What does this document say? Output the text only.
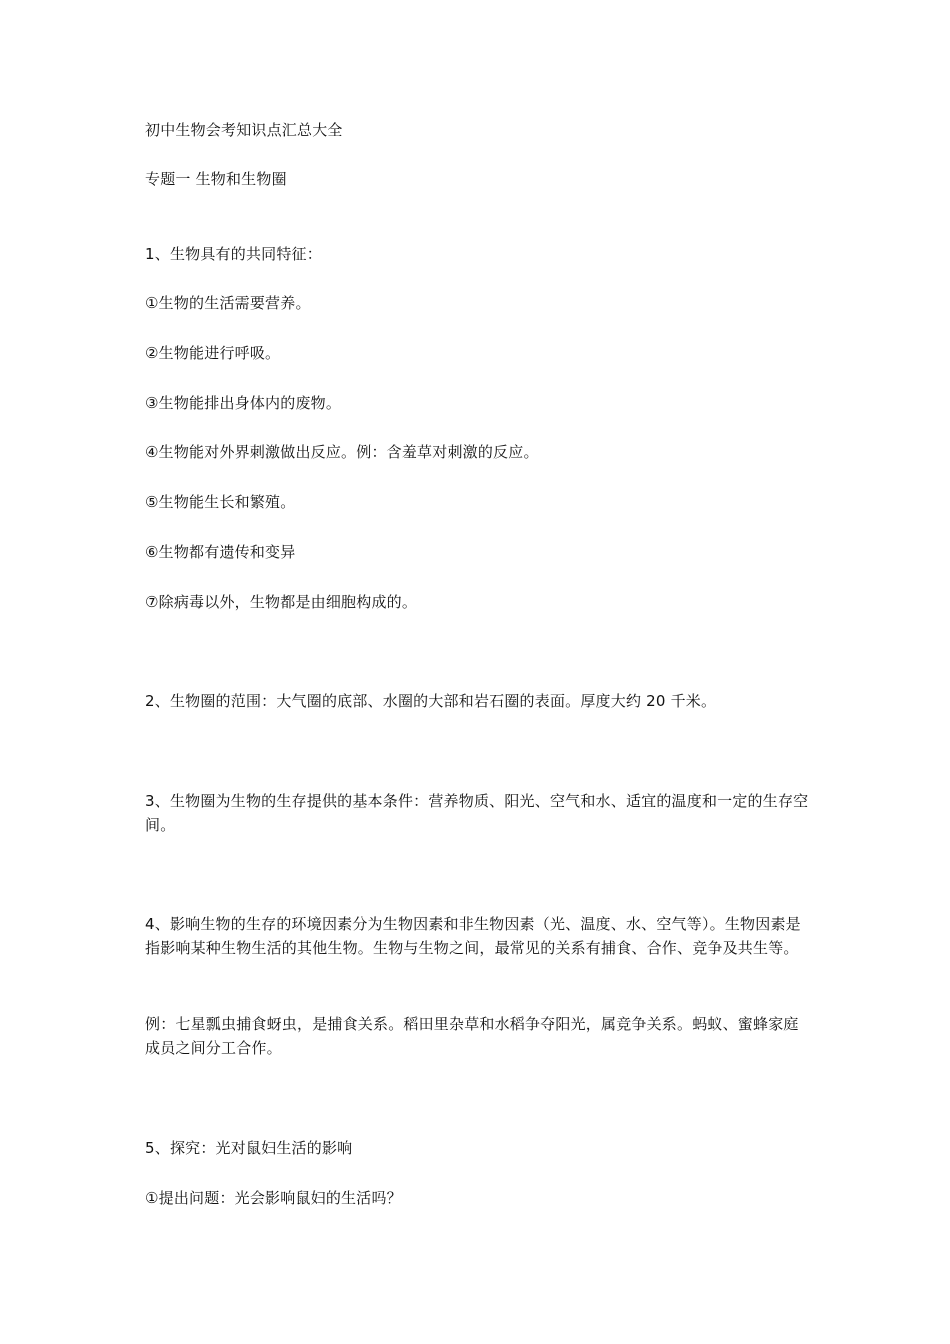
初中生物会考知识点汇总大全
专题一 生物和生物圈
1、生物具有的共同特征：
①生物的生活需要营养。
②生物能进行呼吸。
③生物能排出身体内的废物。
④生物能对外界刺激做出反应。例：含羞草对刺激的反应。
⑤生物能生长和繁殖。
⑥生物都有遗传和变异
⑦除病毒以外，生物都是由细胞构成的。
2、生物圈的范围：大气圈的底部、水圈的大部和岩石圈的表面。厚度大约 20 千米。
3、生物圈为生物的生存提供的基本条件：营养物质、阳光、空气和水、适宜的温度和一定的生存空间。
4、影响生物的生存的环境因素分为生物因素和非生物因素（光、温度、水、空气等）。生物因素是指影响某种生物生活的其他生物。生物与生物之间，最常见的关系有捕食、合作、竞争及共生等。
例：七星瓢虫捕食蚜虫，是捕食关系。稻田里杂草和水稻争夺阳光，属竞争关系。蚂蚁、蜜蜂家庭成员之间分工合作。
5、探究：光对鼠妇生活的影响
①提出问题：光会影响鼠妇的生活吗？
